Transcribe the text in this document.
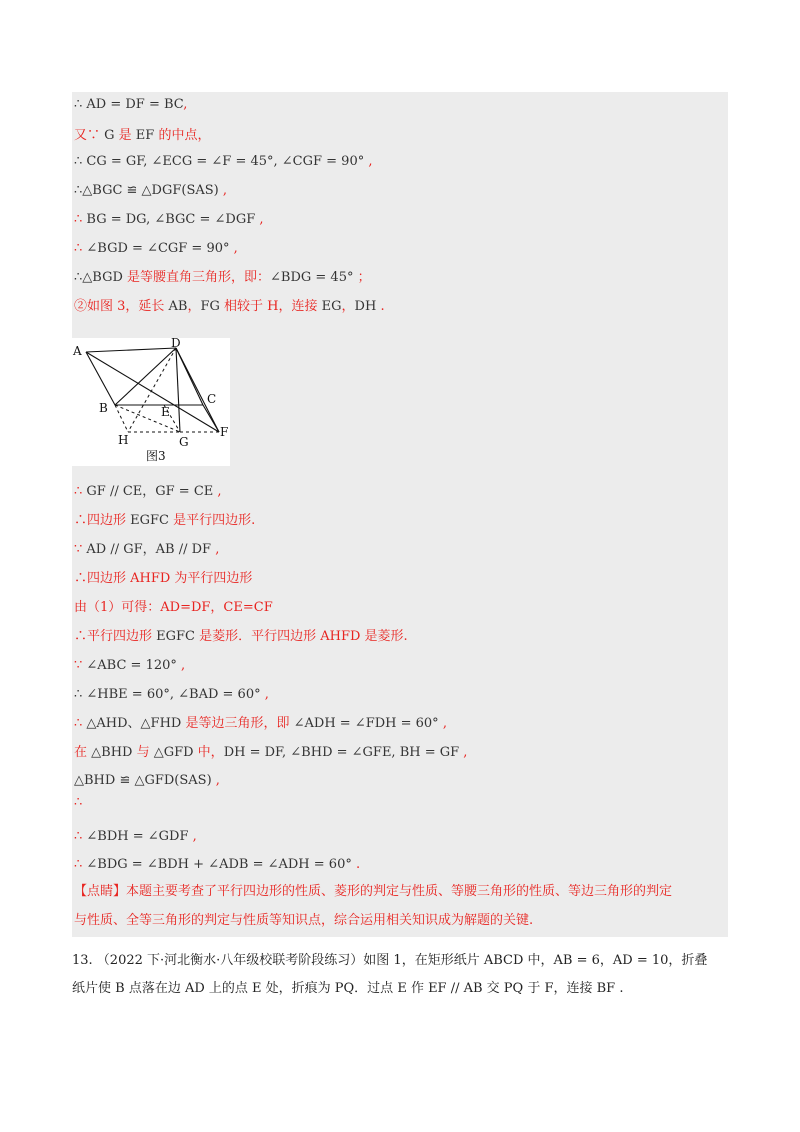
∴ AD = DF = BC,
又∵ G 是 EF 的中点，
∴ CG = GF, ∠ECG = ∠F = 45°, ∠CGF = 90° ,
∴△BGC ≌ △DGF(SAS) ,
∴ BG = DG, ∠BGC = ∠DGF ,
∴ ∠BGD = ∠CGF = 90° ,
∴△BGD 是等腰直角三角形，即：∠BDG = 45° ；
②如图 3，延长 AB，FG 相较于 H，连接 EG，DH .
∴ GF // CE，GF = CE ,
∴四边形 EGFC 是平行四边形.
∵ AD // GF，AB // DF ,
∴四边形 AHFD 为平行四边形
由（1）可得：AD=DF，CE=CF
∴平行四边形 EGFC 是菱形．平行四边形 AHFD 是菱形.
∵ ∠ABC = 120° ,
∴ ∠HBE = 60°, ∠BAD = 60° ,
∴ △AHD、△FHD 是等边三角形，即 ∠ADH = ∠FDH = 60° ,
在 △BHD 与 △GFD 中，DH = DF, ∠BHD = ∠GFE, BH = GF ,
△BHD ≌ △GFD(SAS) ,
∴ ∠BDH = ∠GDF ,
∴ ∠BDG = ∠BDH + ∠ADB = ∠ADH = 60° .
【点睛】本题主要考查了平行四边形的性质、菱形的判定与性质、等腰三角形的性质、等边三角形的判定
与性质、全等三角形的判定与性质等知识点，综合运用相关知识成为解题的关键.
∴
A
D
B
C
E
H	G
F
图3
13. （2022 下·河北衡水·八年级校联考阶段练习）如图 1，在矩形纸片 ABCD 中，AB = 6，AD = 10，折叠
纸片使 B 点落在边 AD 上的点 E 处，折痕为 PQ．过点 E 作 EF // AB 交 PQ 于 F，连接 BF .
